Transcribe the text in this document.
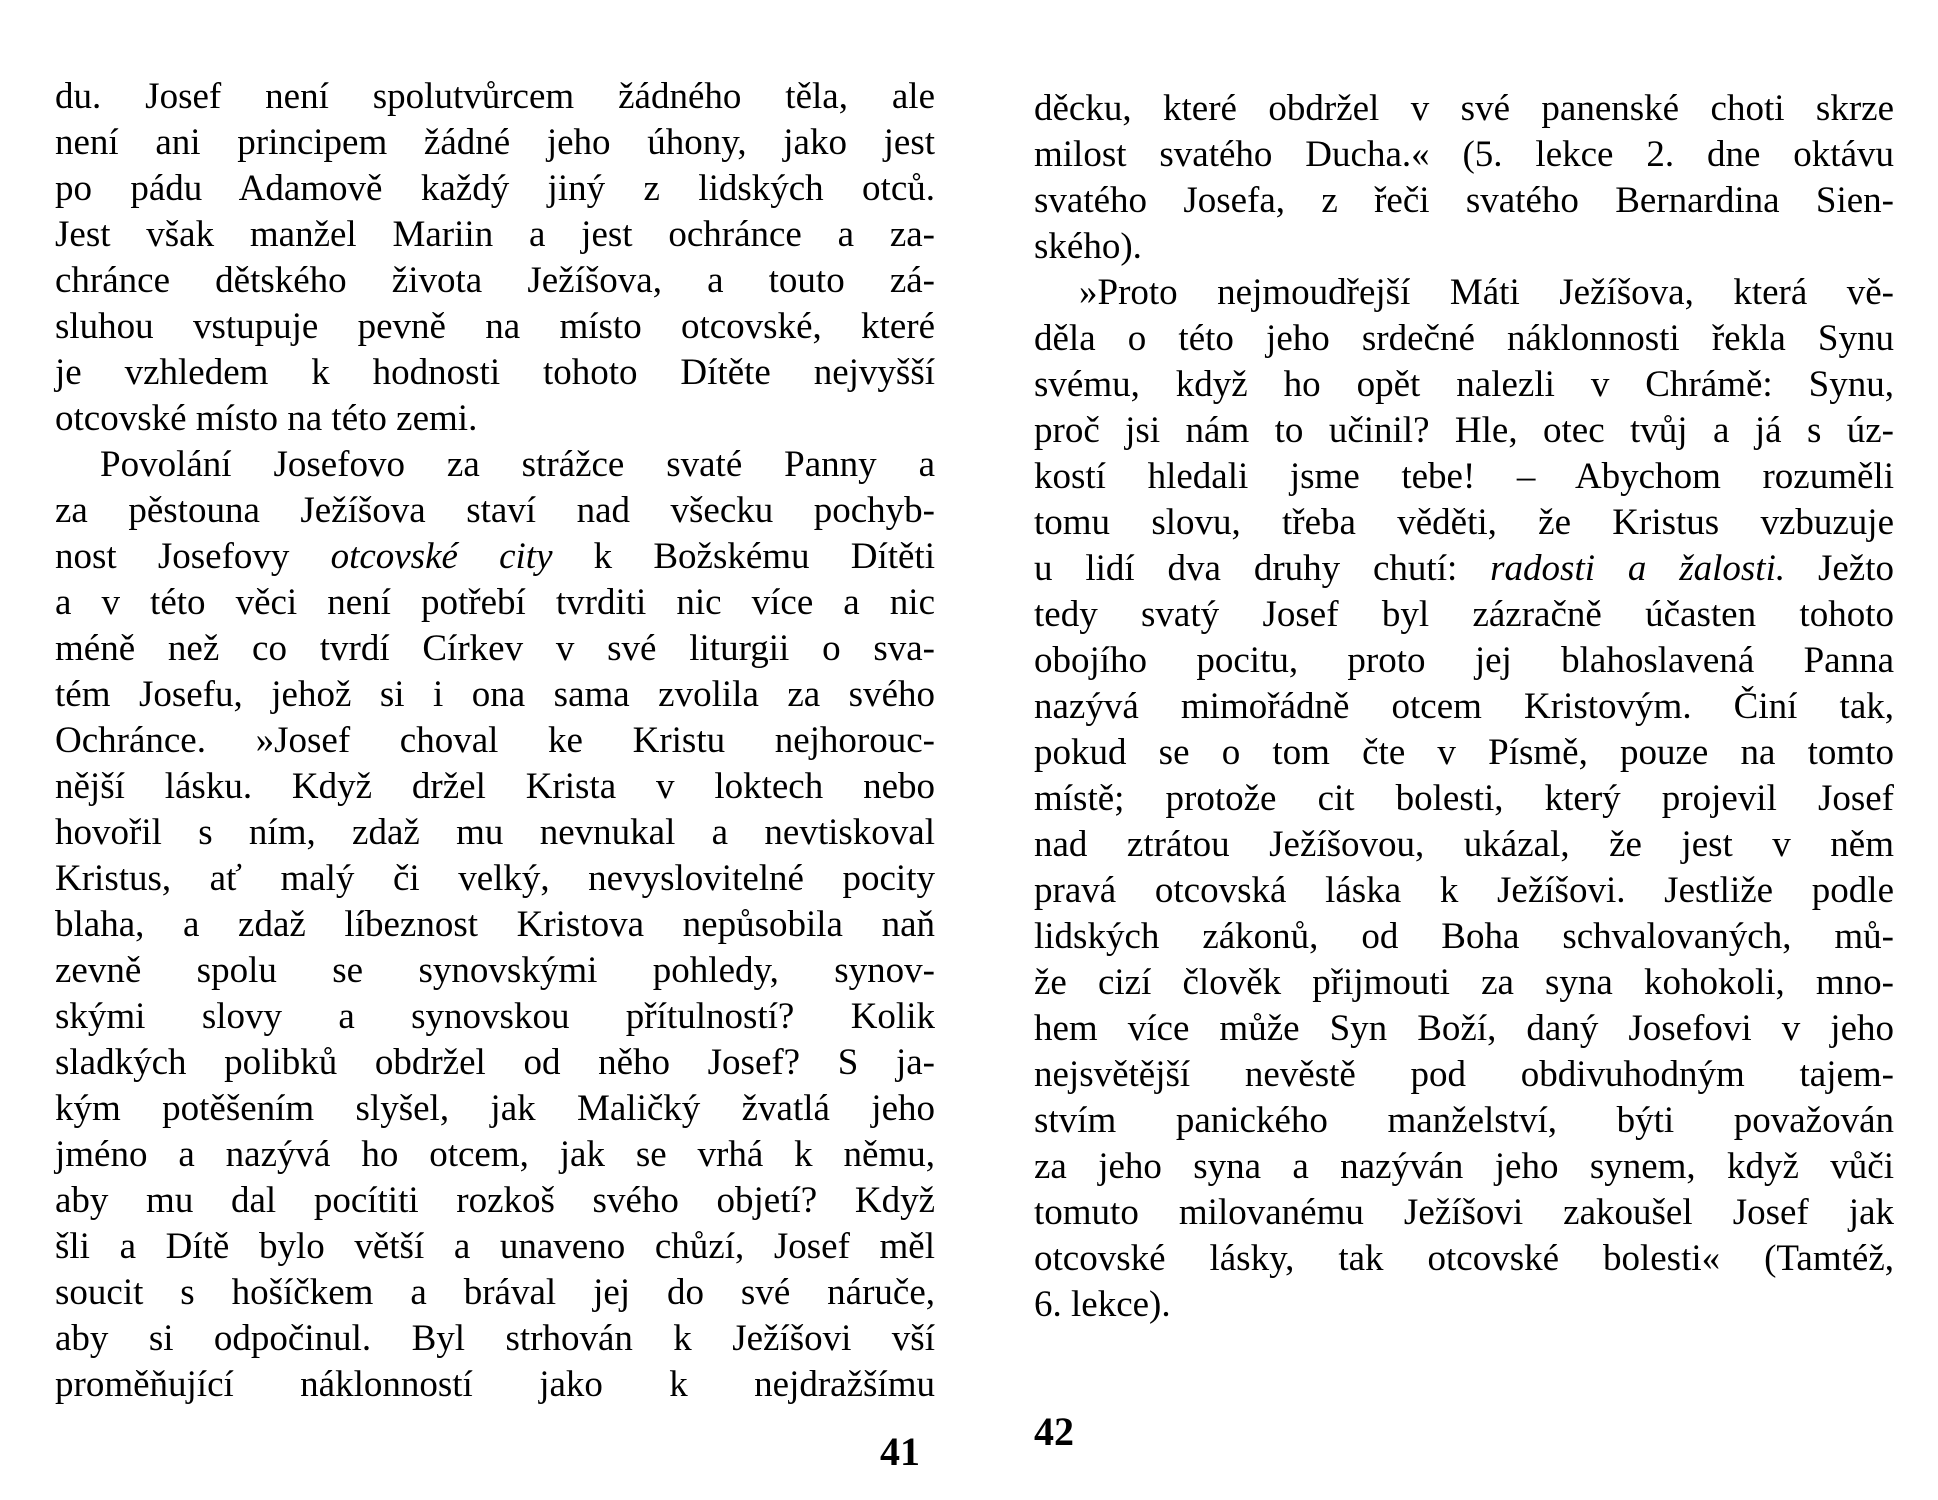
du. Josef není spolutvůrcem žádného těla, ale
není ani principem žádné jeho úhony, jako jest
po pádu Adamově každý jiný z lidských otců.
Jest však manžel Mariin a jest ochránce a za-
chránce dětského života Ježíšova, a touto zá-
sluhou vstupuje pevně na místo otcovské, které
je vzhledem k hodnosti tohoto Dítěte nejvyšší
otcovské místo na této zemi.

Povolání Josefovo za strážce svaté Panny a
za pěstouna Ježíšova staví nad všecku pochyb-
nost Josefovy otcovské city k Božskému Dítěti
a v této věci není potřebí tvrditi nic více a nic
méně než co tvrdí Církev v své liturgii o sva-
tém Josefu, jehož si i ona sama zvolila za svého
Ochránce. »Josef choval ke Kristu nejhorouc-
nější lásku. Když držel Krista v loktech nebo
hovořil s ním, zdaž mu nevnukal a nevtiskoval
Kristus, ať malý či velký, nevyslovitelné pocity
blaha, a zdaž líbeznost Kristova nepůsobila naň
zevně spolu se synovskými pohledy, synov-
skými slovy a synovskou přítulností? Kolik
sladkých polibků obdržel od něho Josef? S ja-
kým potěšením slyšel, jak Maličký žvatlá jeho
jméno a nazývá ho otcem, jak se vrhá k němu,
aby mu dal pocítiti rozkoš svého objetí? Když
šli a Dítě bylo větší a unaveno chůzí, Josef měl
soucit s hošíčkem a brával jej do své náruče,
aby si odpočinul. Byl strhován k Ježíšovi vší
proměňující náklonností jako k nejdražšímu

41

děcku, které obdržel v své panenské choti skrze
milost svatého Ducha.« (5. lekce 2. dne oktávu
svatého Josefa, z řeči svatého Bernardina Sien-
ského).

»Proto nejmoudřejší Máti Ježíšova, která vě-
děla o této jeho srdečné náklonnosti řekla Synu
svému, když ho opět nalezli v Chrámě: Synu,
proč jsi nám to učinil? Hle, otec tvůj a já s úz-
kostí hledali jsme tebe! – Abychom rozuměli
tomu slovu, třeba věděti, že Kristus vzbuzuje
u lidí dva druhy chutí: radosti a žalosti. Ježto
tedy svatý Josef byl zázračně účasten tohoto
obojího pocitu, proto jej blahoslavená Panna
nazývá mimořádně otcem Kristovým. Činí tak,
pokud se o tom čte v Písmě, pouze na tomto
místě; protože cit bolesti, který projevil Josef
nad ztrátou Ježíšovou, ukázal, že jest v něm
pravá otcovská láska k Ježíšovi. Jestliže podle
lidských zákonů, od Boha schvalovaných, mů-
že cizí člověk přijmouti za syna kohokoli, mno-
hem více může Syn Boží, daný Josefovi v jeho
nejsvětější nevěstě pod obdivuhodným tajem-
stvím panického manželství, býti považován
za jeho syna a nazýván jeho synem, když vůči
tomuto milovanému Ježíšovi zakoušel Josef jak
otcovské lásky, tak otcovské bolesti« (Tamtéž,
6. lekce).

42
